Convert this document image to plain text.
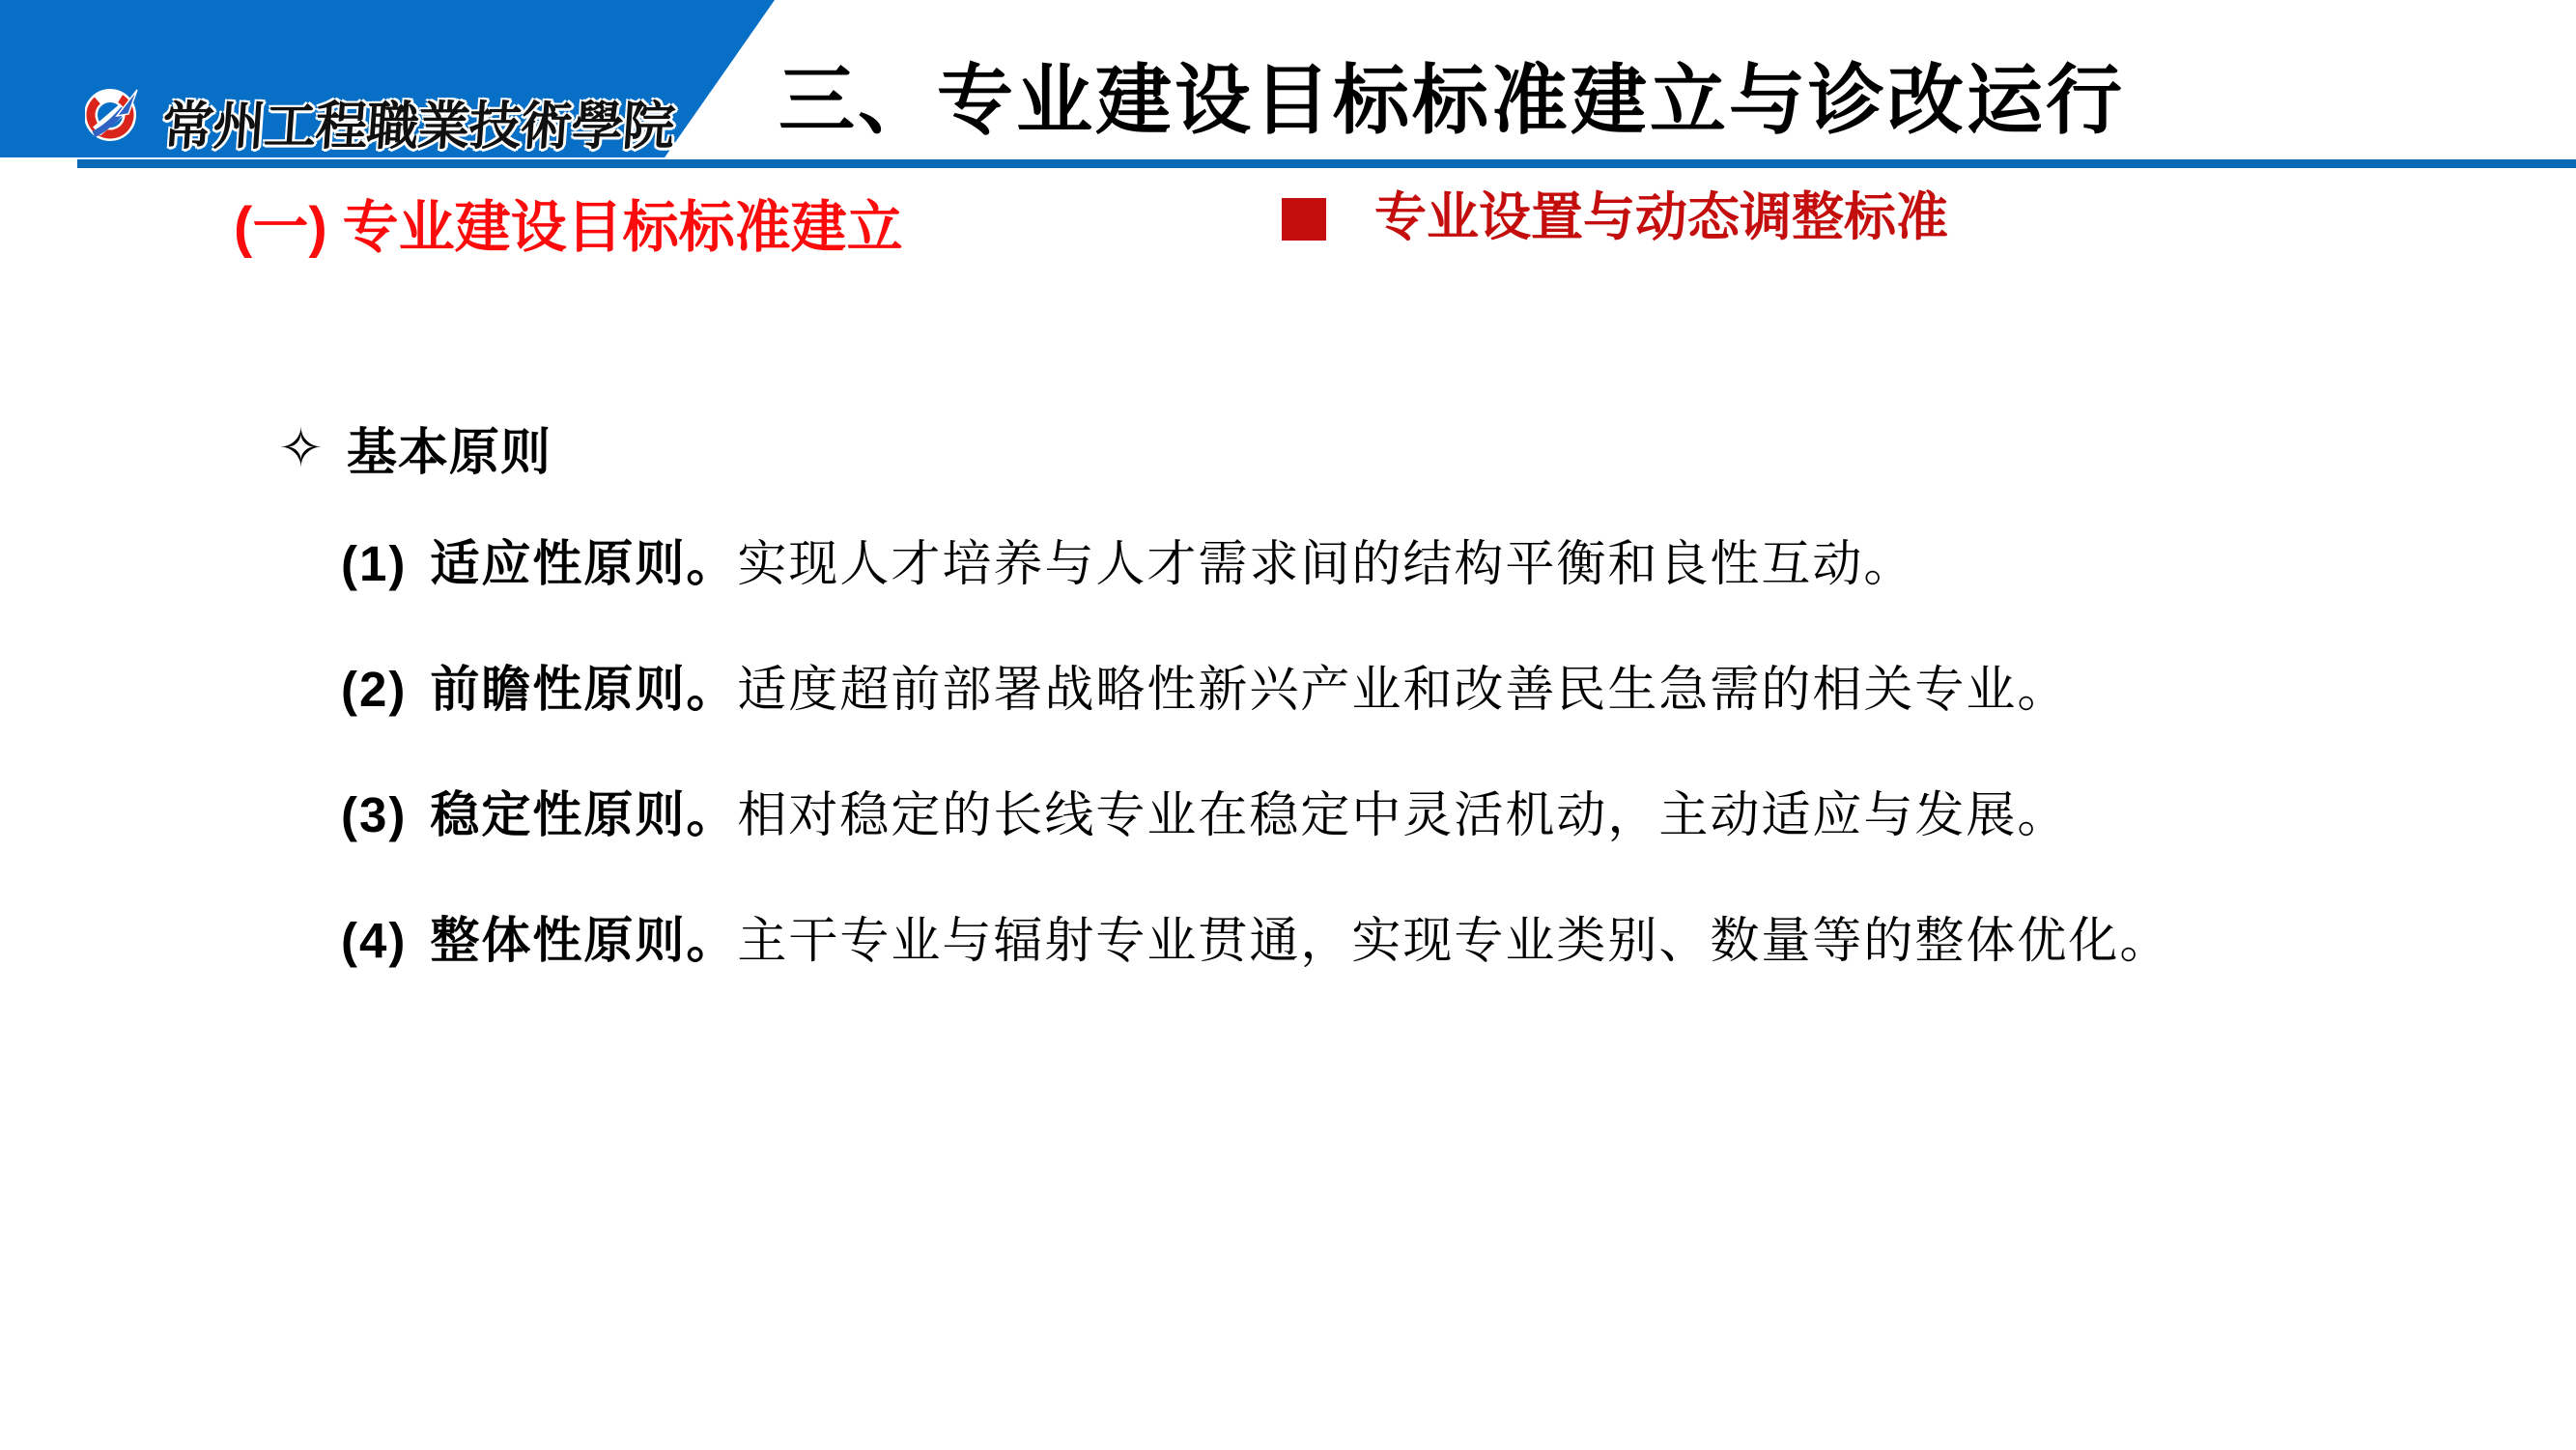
常州工程職業技術學院 三、专业建设目标标准建立与诊改运行
(一) 专业建设目标标准建立	专业设置与动态调整标准
✧ 基本原则
(1) 适应性原则。实现人才培养与人才需求间的结构平衡和良性互动。
(2) 前瞻性原则。适度超前部署战略性新兴产业和改善民生急需的相关专业。
(3) 稳定性原则。相对稳定的长线专业在稳定中灵活机动，主动适应与发展。
(4) 整体性原则。主干专业与辐射专业贯通，实现专业类别、数量等的整体优化。
